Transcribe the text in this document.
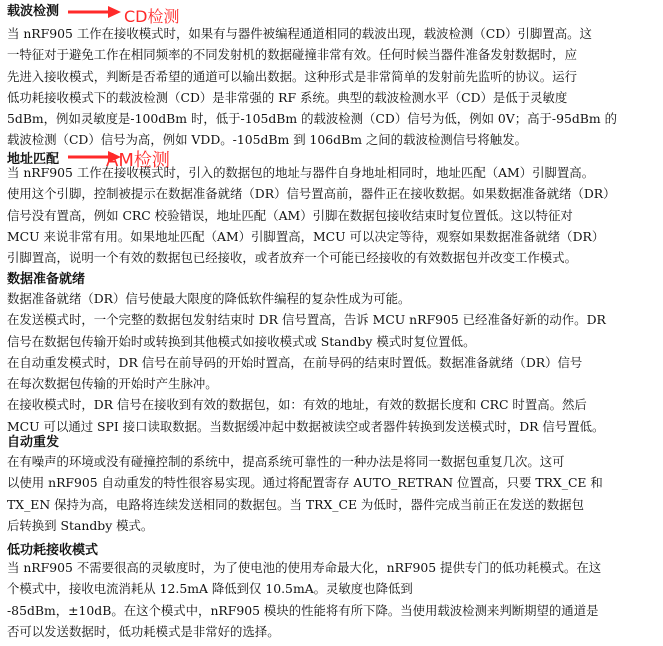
载波检测	CD检测
当 nRF905 工作在接收模式时，如果有与器件被编程通道相同的载波出现，载波检测（CD）引脚置高。这
一特征对于避免工作在相同频率的不同发射机的数据碰撞非常有效。任何时候当器件准备发射数据时，应
先进入接收模式，判断是否希望的通道可以输出数据。这种形式是非常简单的发射前先监听的协议。运行
低功耗接收模式下的载波检测（CD）是非常强的 RF 系统。典型的载波检测水平（CD）是低于灵敏度
5dBm，例如灵敏度是-100dBm 时，低于-105dBm 的载波检测（CD）信号为低，例如 0V；高于-95dBm 的
载波检测（CD）信号为高，例如 VDD。-105dBm 到 106dBm 之间的载波检测信号将触发。
地址匹配	AM检测
当 nRF905 工作在接收模式时，引入的数据包的地址与器件自身地址相同时，地址匹配（AM）引脚置高。
使用这个引脚，控制被提示在数据准备就绪（DR）信号置高前，器件正在接收数据。如果数据准备就绪（DR）
信号没有置高，例如 CRC 校验错误，地址匹配（AM）引脚在数据包接收结束时复位置低。这以特征对
MCU 来说非常有用。如果地址匹配（AM）引脚置高，MCU 可以决定等待，观察如果数据准备就绪（DR）
引脚置高，说明一个有效的数据包已经接收，或者放弃一个可能已经接收的有效数据包并改变工作模式。
数据准备就绪
数据准备就绪（DR）信号使最大限度的降低软件编程的复杂性成为可能。
在发送模式时，一个完整的数据包发射结束时 DR 信号置高，告诉 MCU nRF905 已经准备好新的动作。DR
信号在数据包传输开始时或转换到其他模式如接收模式或 Standby 模式时复位置低。
在自动重发模式时，DR 信号在前导码的开始时置高，在前导码的结束时置低。数据准备就绪（DR）信号
在每次数据包传输的开始时产生脉冲。
在接收模式时，DR 信号在接收到有效的数据包，如：有效的地址，有效的数据长度和 CRC 时置高。然后
MCU 可以通过 SPI 接口读取数据。当数据缓冲起中数据被读空或者器件转换到发送模式时，DR 信号置低。
自动重发
在有噪声的环境或没有碰撞控制的系统中，提高系统可靠性的一种办法是将同一数据包重复几次。这可
以使用 nRF905 自动重发的特性很容易实现。通过将配置寄存 AUTO_RETRAN 位置高，只要 TRX_CE 和
TX_EN 保持为高，电路将连续发送相同的数据包。当 TRX_CE 为低时，器件完成当前正在发送的数据包
后转换到 Standby 模式。
低功耗接收模式
当 nRF905 不需要很高的灵敏度时，为了使电池的使用寿命最大化，nRF905 提供专门的低功耗模式。在这
个模式中，接收电流消耗从 12.5mA 降低到仅 10.5mA。灵敏度也降低到
-85dBm，±10dB。在这个模式中，nRF905 模块的性能将有所下降。当使用载波检测来判断期望的通道是
否可以发送数据时，低功耗模式是非常好的选择。
